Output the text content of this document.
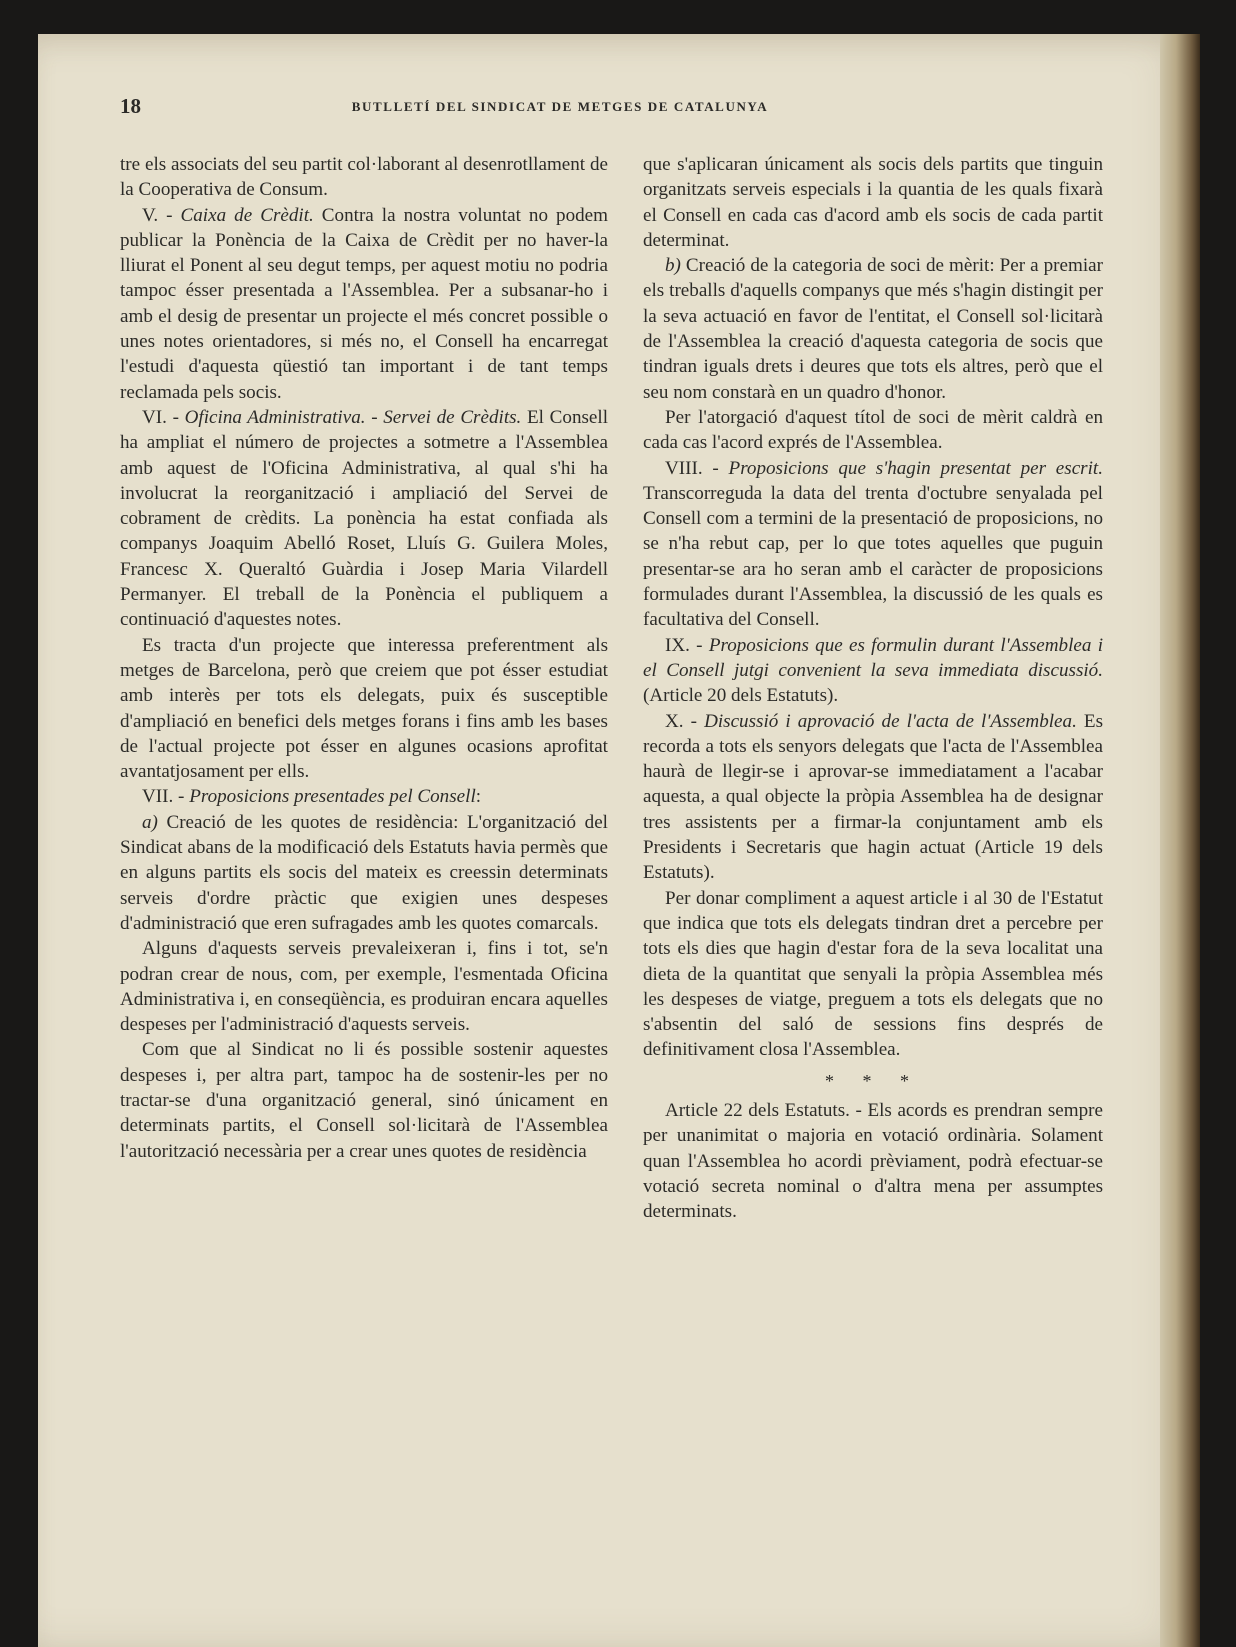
18	BUTLLETÍ DEL SINDICAT DE METGES DE CATALUNYA

tre els associats del seu partit col·laborant al desenrotllament de la Cooperativa de Consum.

V. - Caixa de Crèdit. Contra la nostra voluntat no podem publicar la Ponència de la Caixa de Crèdit per no haver-la lliurat el Ponent al seu degut temps, per aquest motiu no podria tampoc ésser presentada a l'Assemblea. Per a subsanar-ho i amb el desig de presentar un projecte el més concret possible o unes notes orientadores, si més no, el Consell ha encarregat l'estudi d'aquesta qüestió tan important i de tant temps reclamada pels socis.

VI. - Oficina Administrativa. - Servei de Crèdits. El Consell ha ampliat el número de projectes a sotmetre a l'Assemblea amb aquest de l'Oficina Administrativa, al qual s'hi ha involucrat la reorganització i ampliació del Servei de cobrament de crèdits. La ponència ha estat confiada als companys Joaquim Abelló Roset, Lluís G. Guilera Moles, Francesc X. Queraltó Guàrdia i Josep Maria Vilardell Permanyer. El treball de la Ponència el publiquem a continuació d'aquestes notes.

Es tracta d'un projecte que interessa preferentment als metges de Barcelona, però que creiem que pot ésser estudiat amb interès per tots els delegats, puix és susceptible d'ampliació en benefici dels metges forans i fins amb les bases de l'actual projecte pot ésser en algunes ocasions aprofitat avantatjosament per ells.

VII. - Proposicions presentades pel Consell:

a) Creació de les quotes de residència: L'organització del Sindicat abans de la modificació dels Estatuts havia permès que en alguns partits els socis del mateix es creessin determinats serveis d'ordre pràctic que exigien unes despeses d'administració que eren sufragades amb les quotes comarcals.

Alguns d'aquests serveis prevaleixeran i, fins i tot, se'n podran crear de nous, com, per exemple, l'esmentada Oficina Administrativa i, en conseqüència, es produiran encara aquelles despeses per l'administració d'aquests serveis.

Com que al Sindicat no li és possible sostenir aquestes despeses i, per altra part, tampoc ha de sostenir-les per no tractar-se d'una organització general, sinó únicament en determinats partits, el Consell sol·licitarà de l'Assemblea l'autorització necessària per a crear unes quotes de residència

que s'aplicaran únicament als socis dels partits que tinguin organitzats serveis especials i la quantia de les quals fixarà el Consell en cada cas d'acord amb els socis de cada partit determinat.

b) Creació de la categoria de soci de mèrit: Per a premiar els treballs d'aquells companys que més s'hagin distingit per la seva actuació en favor de l'entitat, el Consell sol·licitarà de l'Assemblea la creació d'aquesta categoria de socis que tindran iguals drets i deures que tots els altres, però que el seu nom constarà en un quadro d'honor.

Per l'atorgació d'aquest títol de soci de mèrit caldrà en cada cas l'acord exprés de l'Assemblea.

VIII. - Proposicions que s'hagin presentat per escrit. Transcorreguda la data del trenta d'octubre senyalada pel Consell com a termini de la presentació de proposicions, no se n'ha rebut cap, per lo que totes aquelles que puguin presentar-se ara ho seran amb el caràcter de proposicions formulades durant l'Assemblea, la discussió de les quals es facultativa del Consell.

IX. - Proposicions que es formulin durant l'Assemblea i el Consell jutgi convenient la seva immediata discussió. (Article 20 dels Estatuts).

X. - Discussió i aprovació de l'acta de l'Assemblea. Es recorda a tots els senyors delegats que l'acta de l'Assemblea haurà de llegir-se i aprovar-se immediatament a l'acabar aquesta, a qual objecte la pròpia Assemblea ha de designar tres assistents per a firmar-la conjuntament amb els Presidents i Secretaris que hagin actuat (Article 19 dels Estatuts).

Per donar compliment a aquest article i al 30 de l'Estatut que indica que tots els delegats tindran dret a percebre per tots els dies que hagin d'estar fora de la seva localitat una dieta de la quantitat que senyali la pròpia Assemblea més les despeses de viatge, preguem a tots els delegats que no s'absentin del saló de sessions fins després de definitivament closa l'Assemblea.

* * *

Article 22 dels Estatuts. - Els acords es prendran sempre per unanimitat o majoria en votació ordinària. Solament quan l'Assemblea ho acordi prèviament, podrà efectuar-se votació secreta nominal o d'altra mena per assumptes determinats.
